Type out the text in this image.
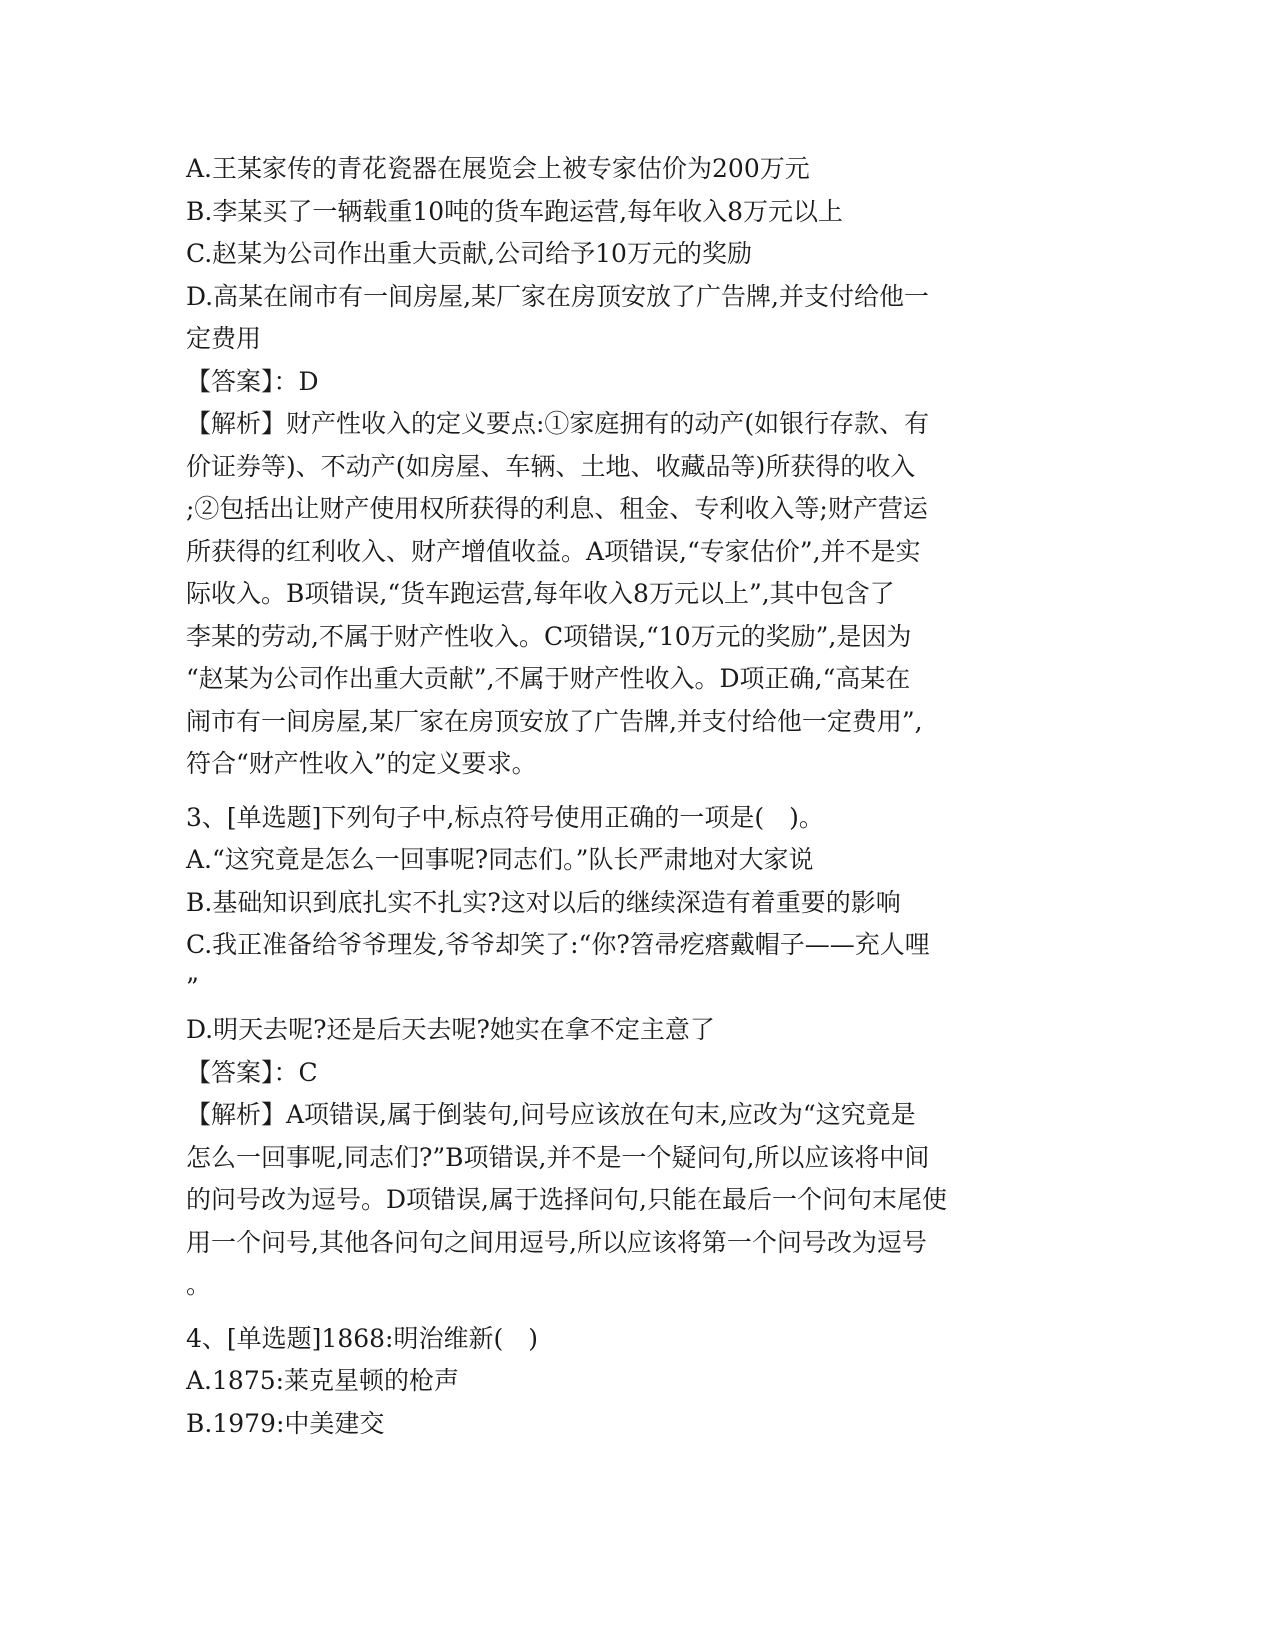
A.王某家传的青花瓷器在展览会上被专家估价为200万元
B.李某买了一辆载重10吨的货车跑运营,每年收入8万元以上
C.赵某为公司作出重大贡献,公司给予10万元的奖励
D.高某在闹市有一间房屋,某厂家在房顶安放了广告牌,并支付给他一
定费用
【答案】：D
【解析】财产性收入的定义要点:①家庭拥有的动产(如银行存款、有
价证券等)、不动产(如房屋、车辆、土地、收藏品等)所获得的收入
;②包括出让财产使用权所获得的利息、租金、专利收入等;财产营运
所获得的红利收入、财产增值收益。A项错误,“专家估价”,并不是实
际收入。B项错误,“货车跑运营,每年收入8万元以上”,其中包含了
李某的劳动,不属于财产性收入。C项错误,“10万元的奖励”,是因为
“赵某为公司作出重大贡献”,不属于财产性收入。D项正确,“高某在
闹市有一间房屋,某厂家在房顶安放了广告牌,并支付给他一定费用”,
符合“财产性收入”的定义要求。
3、[单选题]下列句子中,标点符号使用正确的一项是(　)。
A.“这究竟是怎么一回事呢?同志们。”队长严肃地对大家说
B.基础知识到底扎实不扎实?这对以后的继续深造有着重要的影响
C.我正准备给爷爷理发,爷爷却笑了:“你?笤帚疙瘩戴帽子——充人哩
”
D.明天去呢?还是后天去呢?她实在拿不定主意了
【答案】：C
【解析】A项错误,属于倒装句,问号应该放在句末,应改为“这究竟是
怎么一回事呢,同志们?”B项错误,并不是一个疑问句,所以应该将中间
的问号改为逗号。D项错误,属于选择问句,只能在最后一个问句末尾使
用一个问号,其他各问句之间用逗号,所以应该将第一个问号改为逗号
。
4、[单选题]1868:明治维新(　)
A.1875:莱克星顿的枪声
B.1979:中美建交
